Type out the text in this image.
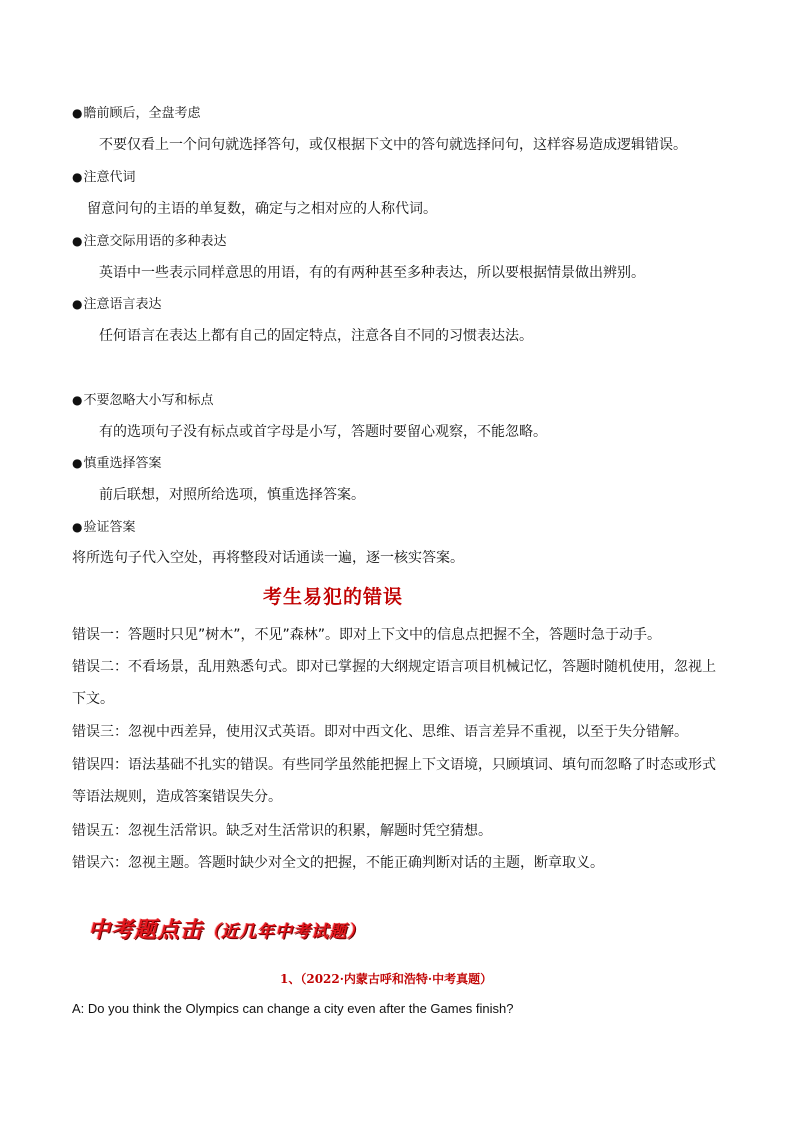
●瞻前顾后，全盘考虑
不要仅看上一个问句就选择答句，或仅根据下文中的答句就选择问句，这样容易造成逻辑错误。
●注意代词
留意问句的主语的单复数，确定与之相对应的人称代词。
●注意交际用语的多种表达
英语中一些表示同样意思的用语，有的有两种甚至多种表达，所以要根据情景做出辨别。
●注意语言表达
任何语言在表达上都有自己的固定特点，注意各自不同的习惯表达法。
●不要忽略大小写和标点
有的选项句子没有标点或首字母是小写，答题时要留心观察，不能忽略。
●慎重选择答案
前后联想，对照所给选项，慎重选择答案。
●验证答案
将所选句子代入空处，再将整段对话通读一遍，逐一核实答案。
考生易犯的错误
错误一：答题时只见”树木”，不见”森林”。即对上下文中的信息点把握不全，答题时急于动手。
错误二：不看场景，乱用熟悉句式。即对已掌握的大纲规定语言项目机械记忆，答题时随机使用，忽视上
下文。
错误三：忽视中西差异，使用汉式英语。即对中西文化、思维、语言差异不重视，以至于失分错解。
错误四：语法基础不扎实的错误。有些同学虽然能把握上下文语境，只顾填词、填句而忽略了时态或形式
等语法规则，造成答案错误失分。
错误五：忽视生活常识。缺乏对生活常识的积累，解题时凭空猜想。
错误六：忽视主题。答题时缺少对全文的把握，不能正确判断对话的主题，断章取义。
中考题点击（近几年中考试题）
1、（2022·内蒙古呼和浩特·中考真题）
A: Do you think the Olympics can change a city even after the Games finish?
